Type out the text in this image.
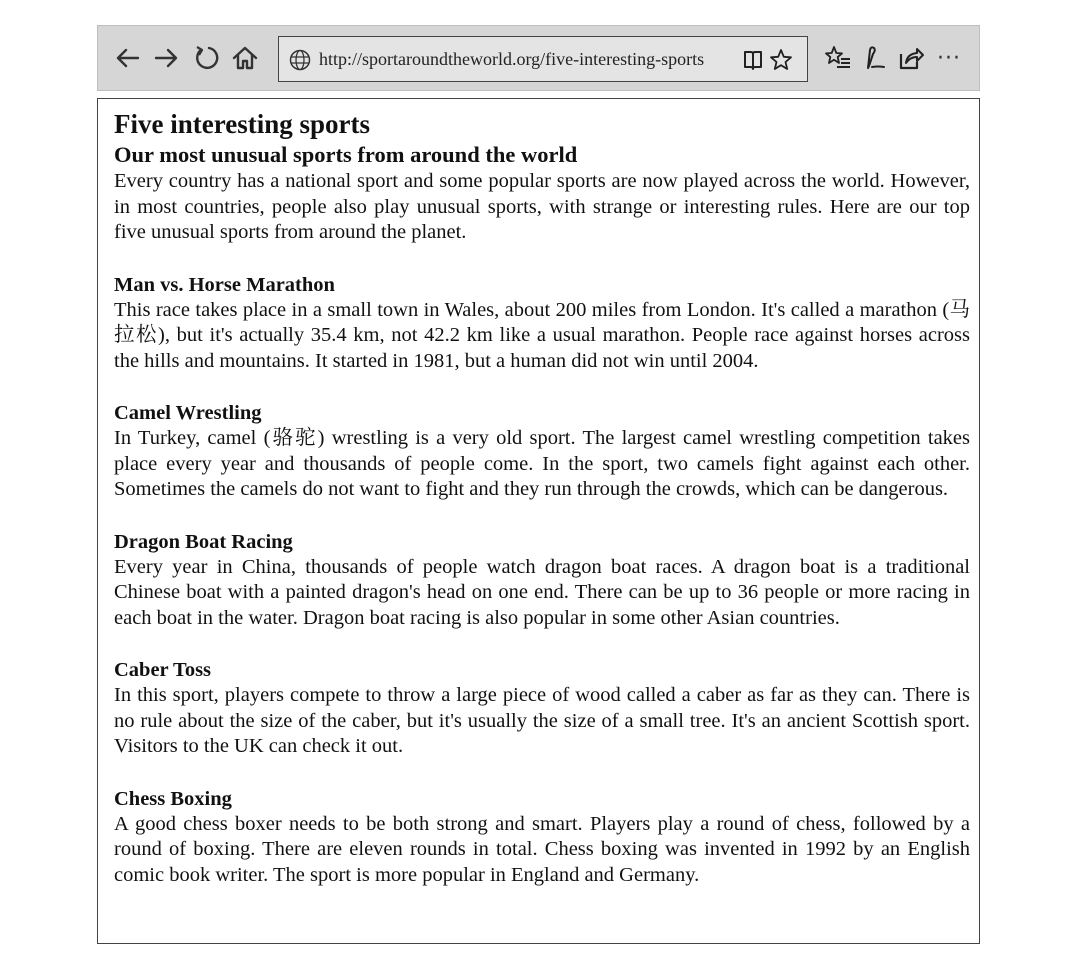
http://sportaroundtheworld.org/five-interesting-sports	···
Five interesting sports
Our most unusual sports from around the world

Every country has a national sport and some popular sports are now played across the world. However, in most countries, people also play unusual sports, with strange or interesting rules. Here are our top five unusual sports from around the planet.

Man vs. Horse Marathon

This race takes place in a small town in Wales, about 200 miles from London. It's called a marathon (马拉松), but it's actually 35.4 km, not 42.2 km like a usual marathon. People race against horses across the hills and mountains. It started in 1981, but a human did not win until 2004.

Camel Wrestling

In Turkey, camel (骆驼) wrestling is a very old sport. The largest camel wrestling competition takes place every year and thousands of people come. In the sport, two camels fight against each other. Sometimes the camels do not want to fight and they run through the crowds, which can be dangerous.

Dragon Boat Racing

Every year in China, thousands of people watch dragon boat races. A dragon boat is a traditional Chinese boat with a painted dragon's head on one end. There can be up to 36 people or more racing in each boat in the water. Dragon boat racing is also popular in some other Asian countries.

Caber Toss

In this sport, players compete to throw a large piece of wood called a caber as far as they can. There is no rule about the size of the caber, but it's usually the size of a small tree. It's an ancient Scottish sport. Visitors to the UK can check it out.

Chess Boxing

A good chess boxer needs to be both strong and smart. Players play a round of chess, followed by a round of boxing. There are eleven rounds in total. Chess boxing was invented in 1992 by an English comic book writer. The sport is more popular in England and Germany.
